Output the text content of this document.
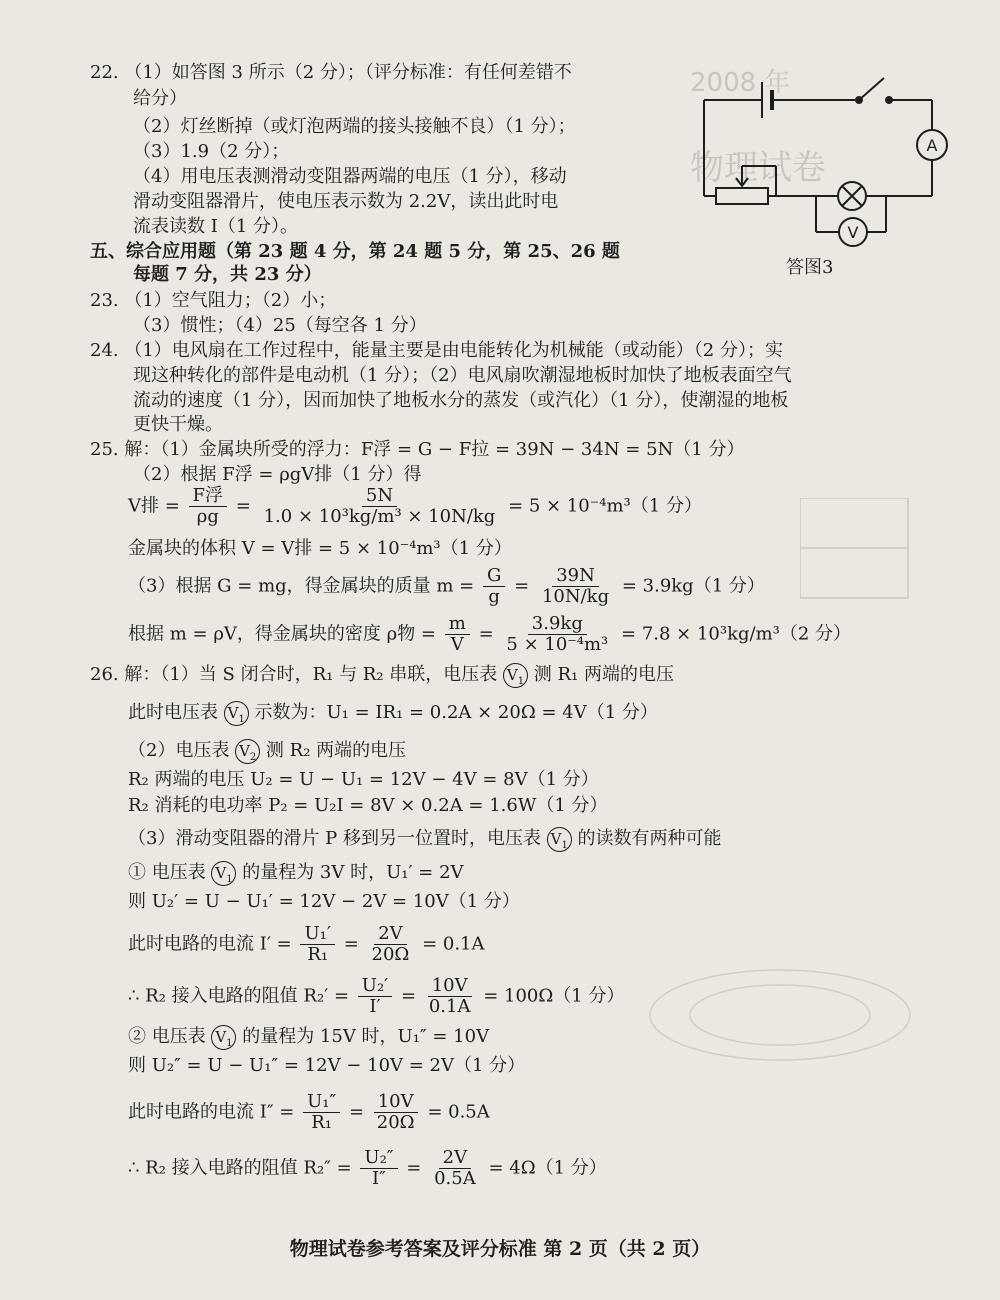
2008 年
物理试卷
22. （1）如答图 3 所示（2 分）；（评分标准：有任何差错不
给分）
（2）灯丝断掉（或灯泡两端的接头接触不良）（1 分）；
（3）1.9（2 分）；
（4）用电压表测滑动变阻器两端的电压（1 分），移动
滑动变阻器滑片，使电压表示数为 2.2V，读出此时电
流表读数 I（1 分）。
A
V
答图3
五、综合应用题（第 23 题 4 分，第 24 题 5 分，第 25、26 题
每题 7 分，共 23 分）
23. （1）空气阻力；（2）小；
（3）惯性；（4）25（每空各 1 分）
24. （1）电风扇在工作过程中，能量主要是由电能转化为机械能（或动能）（2 分）；实
现这种转化的部件是电动机（1 分）；（2）电风扇吹潮湿地板时加快了地板表面空气
流动的速度（1 分），因而加快了地板水分的蒸发（或汽化）（1 分），使潮湿的地板
更快干燥。
25. 解：（1）金属块所受的浮力：F浮 = G − F拉 = 39N − 34N = 5N（1 分）
（2）根据 F浮 = ρgV排（1 分）得
V排 = $\frac{\text{F浮}}{\rho g} = \frac{5N}{\text{1.0 × 10³kg/m³ × 10N/kg}} = 5 \times 10^{-4}m^3(1$ 分）
金属块的体积 V = V排 = 5 × 10⁻⁴m³（1 分）
（3）根据 G = mg，得金属块的质量 $m = \frac{G}{g} = \frac{39N}{10N/kg} = 3.9kg(1$ 分）
根据 m = ρV，得金属块的密度 ρ物 = $\frac{m}{V} = \frac{3.9kg}{\text{5 × 10⁻⁴m³}} = 7.8 \times 10^3kg/m^3(2$ 分）
26. 解：（1）当 S 闭合时，R₁ 与 R₂ 串联，电压表 $V_1$ 测 R₁ 两端的电压
此时电压表 $V_1$ 示数为：U₁ = IR₁ = 0.2A × 20Ω = 4V（1 分）
（2）电压表 $V_2$ 测 R₂ 两端的电压
R₂ 两端的电压 U₂ = U − U₁ = 12V − 4V = 8V（1 分）
R₂ 消耗的电功率 P₂ = U₂I = 8V × 0.2A = 1.6W（1 分）
（3）滑动变阻器的滑片 P 移到另一位置时，电压表 $V_1$ 的读数有两种可能
① 电压表 $V_1$ 的量程为 3V 时，U₁′ = 2V
则 U₂′ = U − U₁′ = 12V − 2V = 10V（1 分）
此时电路的电流 $I' = \frac{\text{U₁′}}{\text{R₁}} = \frac{2V}{20\Omega} = 0.1A$
∴ R₂ 接入电路的阻值 $R_2' = \frac{\text{U₂′}}{I'} = \frac{10V}{0.1A} = 100\Omega(1$ 分）
② 电压表 $V_1$ 的量程为 15V 时，U₁″ = 10V
则 U₂″ = U − U₁″ = 12V − 10V = 2V（1 分）
此时电路的电流 $I'' = \frac{\text{U₁″}}{\text{R₁}} = \frac{10V}{20\Omega} = 0.5A$
∴ R₂ 接入电路的阻值 $R_2'' = \frac{\text{U₂″}}{I''} = \frac{2V}{0.5A} = 4\Omega(1$ 分）
物理试卷参考答案及评分标准 第 2 页（共 2 页）
